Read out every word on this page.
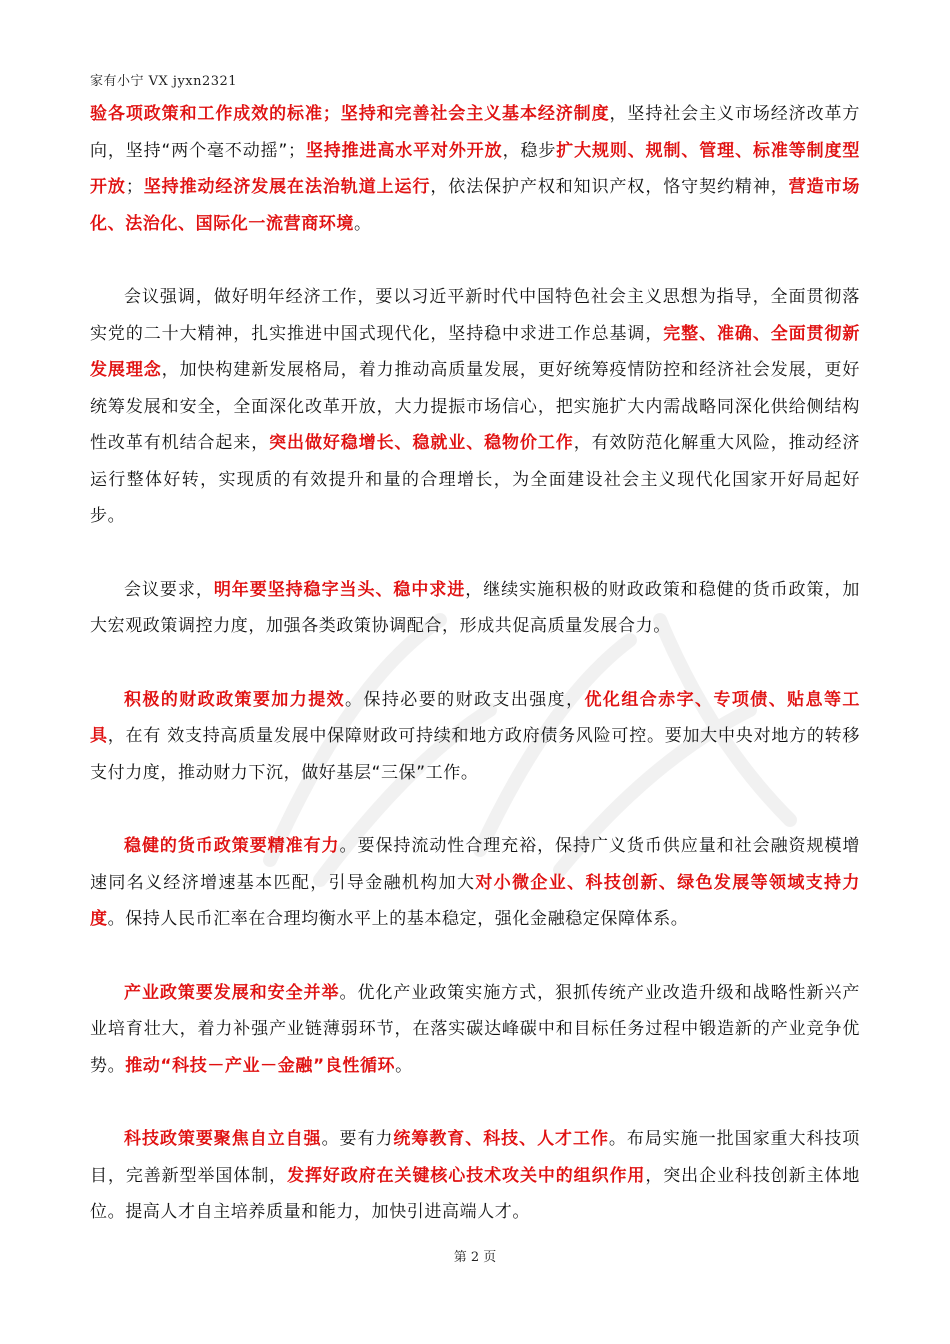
家有小宁 VX jyxn2321

验各项政策和工作成效的标准；坚持和完善社会主义基本经济制度，坚持社会主义市场经济改革方向，坚持“两个毫不动摇”；坚持推进高水平对外开放，稳步扩大规则、规制、管理、标准等制度型开放；坚持推动经济发展在法治轨道上运行，依法保护产权和知识产权，恪守契约精神，营造市场化、法治化、国际化一流营商环境。

会议强调，做好明年经济工作，要以习近平新时代中国特色社会主义思想为指导，全面贯彻落实党的二十大精神，扎实推进中国式现代化，坚持稳中求进工作总基调，完整、准确、全面贯彻新发展理念，加快构建新发展格局，着力推动高质量发展，更好统筹疫情防控和经济社会发展，更好统筹发展和安全，全面深化改革开放，大力提振市场信心，把实施扩大内需战略同深化供给侧结构性改革有机结合起来，突出做好稳增长、稳就业、稳物价工作，有效防范化解重大风险，推动经济运行整体好转，实现质的有效提升和量的合理增长，为全面建设社会主义现代化国家开好局起好步。

会议要求，明年要坚持稳字当头、稳中求进，继续实施积极的财政政策和稳健的货币政策，加大宏观政策调控力度，加强各类政策协调配合，形成共促高质量发展合力。

积极的财政政策要加力提效。保持必要的财政支出强度，优化组合赤字、专项债、贴息等工具，在有 效支持高质量发展中保障财政可持续和地方政府债务风险可控。要加大中央对地方的转移支付力度，推动财力下沉，做好基层“三保”工作。

稳健的货币政策要精准有力。要保持流动性合理充裕，保持广义货币供应量和社会融资规模增速同名义经济增速基本匹配，引导金融机构加大对小微企业、科技创新、绿色发展等领域支持力度。保持人民币汇率在合理均衡水平上的基本稳定，强化金融稳定保障体系。

产业政策要发展和安全并举。优化产业政策实施方式，狠抓传统产业改造升级和战略性新兴产业培育壮大，着力补强产业链薄弱环节，在落实碳达峰碳中和目标任务过程中锻造新的产业竞争优势。推动“科技－产业－金融”良性循环。

科技政策要聚焦自立自强。要有力统筹教育、科技、人才工作。布局实施一批国家重大科技项目，完善新型举国体制，发挥好政府在关键核心技术攻关中的组织作用，突出企业科技创新主体地位。提高人才自主培养质量和能力，加快引进高端人才。

第 2 页
